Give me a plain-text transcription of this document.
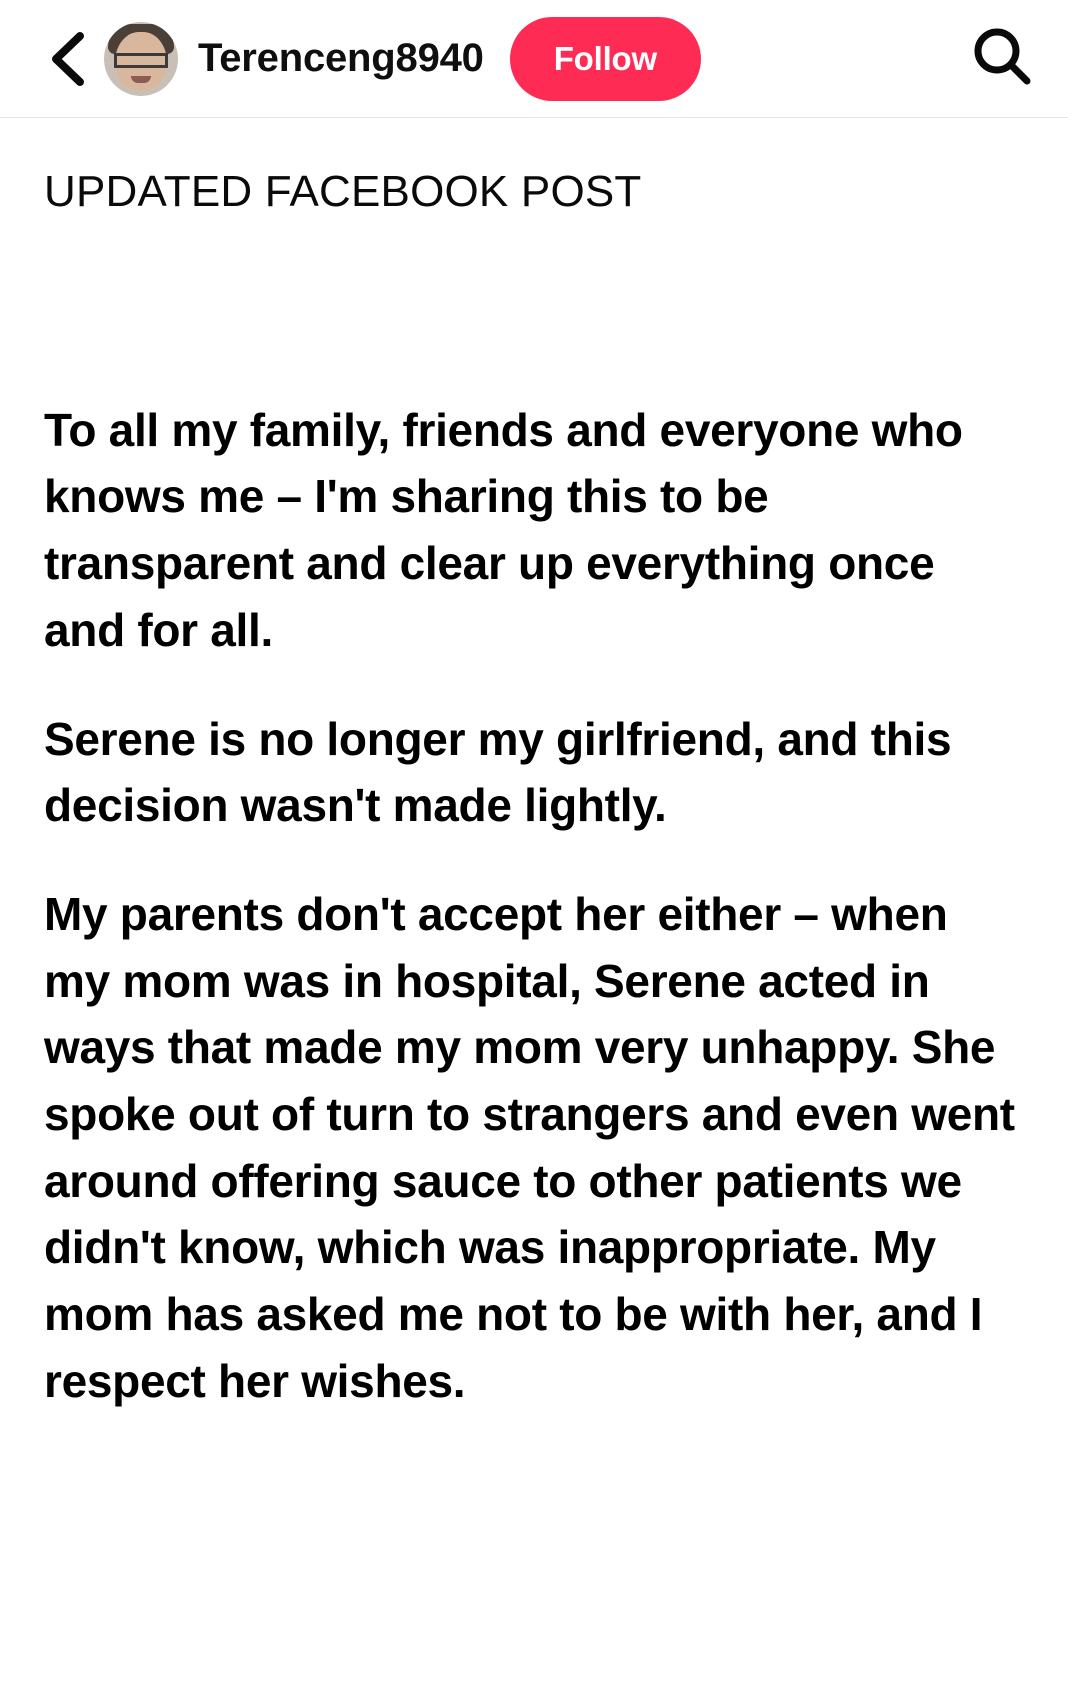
Terenceng8940	Follow
UPDATED FACEBOOK POST

To all my family, friends and everyone who knows me – I'm sharing this to be transparent and clear up everything once and for all.

Serene is no longer my girlfriend, and this decision wasn't made lightly.

My parents don't accept her either – when my mom was in hospital, Serene acted in ways that made my mom very unhappy. She spoke out of turn to strangers and even went around offering sauce to other patients we didn't know, which was inappropriate. My mom has asked me not to be with her, and I respect her wishes.
